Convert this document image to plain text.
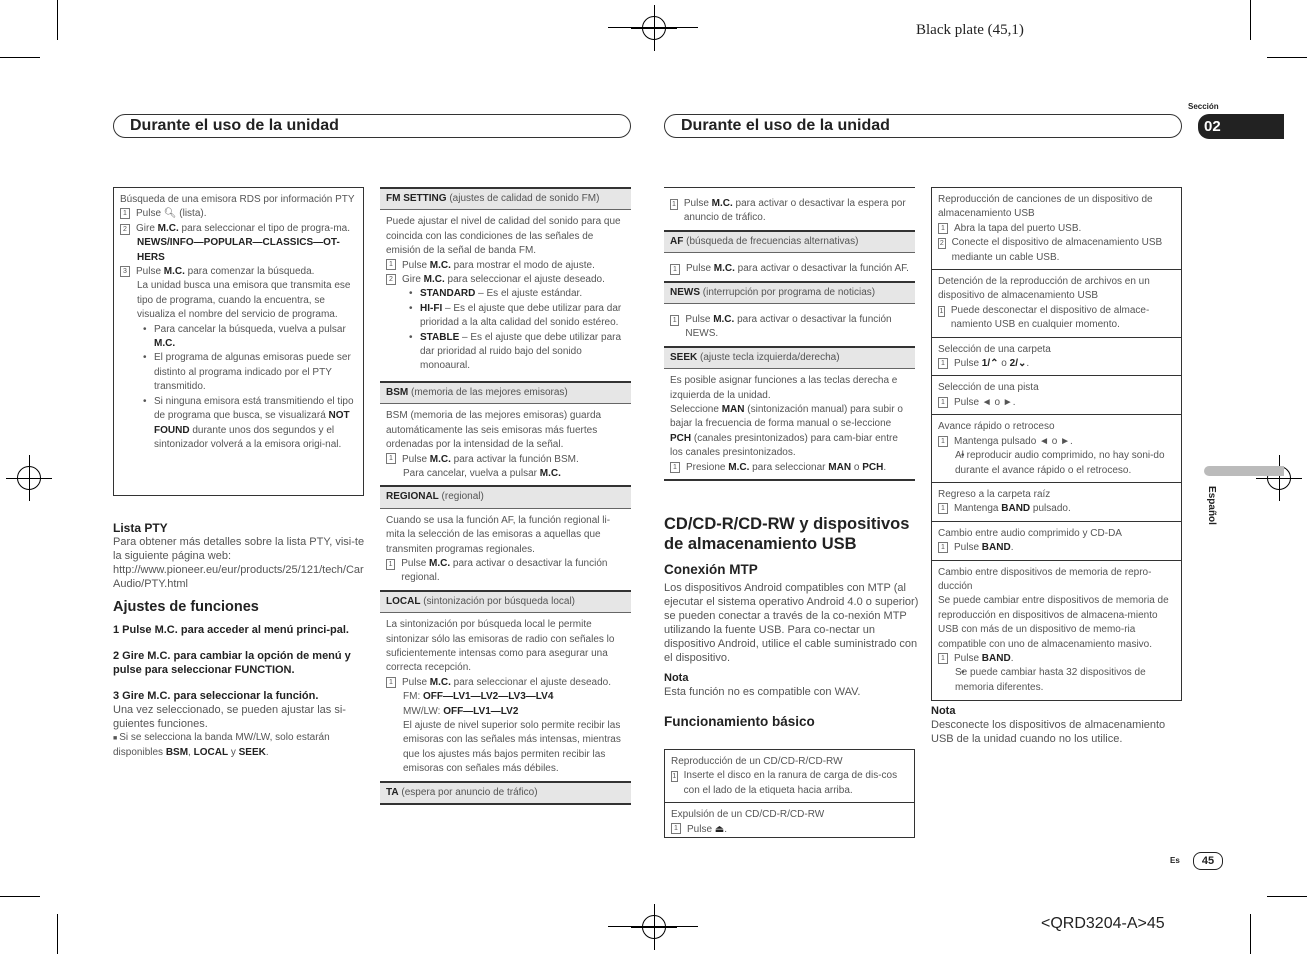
Black plate (45,1)
Durante el uso de la unidad	Durante el uso de la unidad
Sección
02
Español
Búsqueda de una emisora RDS por información PTY
1 Pulse 🔍︎ (lista).
2 Gire M.C. para seleccionar el tipo de progra-ma.
NEWS/INFO—POPULAR—CLASSICS—OT-HERS
3 Pulse M.C. para comenzar la búsqueda.
La unidad busca una emisora que transmita ese tipo de programa, cuando la encuentra, se visualiza el nombre del servicio de programa.
• Para cancelar la búsqueda, vuelva a pulsar M.C.
• El programa de algunas emisoras puede ser distinto al programa indicado por el PTY transmitido.
• Si ninguna emisora está transmitiendo el tipo de programa que busca, se visualizará NOT FOUND durante unos dos segundos y el sintonizador volverá a la emisora origi-nal.
Lista PTY
Para obtener más detalles sobre la lista PTY, visi-te la siguiente página web:
http://www.pioneer.eu/eur/products/25/121/tech/CarAudio/PTY.html
Ajustes de funciones
1 Pulse M.C. para acceder al menú princi-pal.
2 Gire M.C. para cambiar la opción de menú y pulse para seleccionar FUNCTION.
3 Gire M.C. para seleccionar la función.
Una vez seleccionado, se pueden ajustar las si-guientes funciones.
■ Si se selecciona la banda MW/LW, solo estarán disponibles BSM, LOCAL y SEEK.
FM SETTING (ajustes de calidad de sonido FM)
Puede ajustar el nivel de calidad del sonido para que coincida con las condiciones de las señales de emisión de la señal de banda FM.
1 Pulse M.C. para mostrar el modo de ajuste.
2 Gire M.C. para seleccionar el ajuste deseado.
• STANDARD – Es el ajuste estándar.
• HI-FI – Es el ajuste que debe utilizar para dar prioridad a la alta calidad del sonido estéreo.
• STABLE – Es el ajuste que debe utilizar para dar prioridad al ruido bajo del sonido monoaural.
BSM (memoria de las mejores emisoras)
BSM (memoria de las mejores emisoras) guarda automáticamente las seis emisoras más fuertes ordenadas por la intensidad de la señal.
1 Pulse M.C. para activar la función BSM.
Para cancelar, vuelva a pulsar M.C.
REGIONAL (regional)
Cuando se usa la función AF, la función regional li-mita la selección de las emisoras a aquellas que transmiten programas regionales.
1 Pulse M.C. para activar o desactivar la función regional.
LOCAL (sintonización por búsqueda local)
La sintonización por búsqueda local le permite sintonizar sólo las emisoras de radio con señales lo suficientemente intensas como para asegurar una correcta recepción.
1 Pulse M.C. para seleccionar el ajuste deseado.
FM: OFF—LV1—LV2—LV3—LV4
MW/LW: OFF—LV1—LV2
El ajuste de nivel superior solo permite recibir las emisoras con las señales más intensas, mientras que los ajustes más bajos permiten recibir las emisoras con señales más débiles.
TA (espera por anuncio de tráfico)
1 Pulse M.C. para activar o desactivar la espera por anuncio de tráfico.
AF (búsqueda de frecuencias alternativas)
1 Pulse M.C. para activar o desactivar la función AF.
NEWS (interrupción por programa de noticias)
1 Pulse M.C. para activar o desactivar la función NEWS.
SEEK (ajuste tecla izquierda/derecha)
Es posible asignar funciones a las teclas derecha e izquierda de la unidad.
Seleccione MAN (sintonización manual) para subir o bajar la frecuencia de forma manual o se-leccione PCH (canales presintonizados) para cam-biar entre los canales presintonizados.
1 Presione M.C. para seleccionar MAN o PCH.
CD/CD-R/CD-RW y dispositivos de almacenamiento USB
Conexión MTP
Los dispositivos Android compatibles con MTP (al ejecutar el sistema operativo Android 4.0 o superior) se pueden conectar a través de la co-nexión MTP utilizando la fuente USB. Para co-nectar un dispositivo Android, utilice el cable suministrado con el dispositivo.
Nota
Esta función no es compatible con WAV.
Funcionamiento básico
Reproducción de un CD/CD-R/CD-RW
1 Inserte el disco en la ranura de carga de dis-cos con el lado de la etiqueta hacia arriba.
Expulsión de un CD/CD-R/CD-RW
1 Pulse ⏏.
Reproducción de canciones de un dispositivo de almacenamiento USB
1 Abra la tapa del puerto USB.
2 Conecte el dispositivo de almacenamiento USB mediante un cable USB.
Detención de la reproducción de archivos en un dispositivo de almacenamiento USB
1 Puede desconectar el dispositivo de almace-namiento USB en cualquier momento.
Selección de una carpeta
1 Pulse 1/⌃ o 2/⌄.
Selección de una pista
1 Pulse ◄ o ►.
Avance rápido o retroceso
1 Mantenga pulsado ◄ o ►.
• Al reproducir audio comprimido, no hay soni-do durante el avance rápido o el retroceso.
Regreso a la carpeta raíz
1 Mantenga BAND pulsado.
Cambio entre audio comprimido y CD-DA
1 Pulse BAND.
Cambio entre dispositivos de memoria de repro-ducción
Se puede cambiar entre dispositivos de memoria de reproducción en dispositivos de almacena-miento USB con más de un dispositivo de memo-ria compatible con uno de almacenamiento masivo.
1 Pulse BAND.
• Se puede cambiar hasta 32 dispositivos de memoria diferentes.
Nota
Desconecte los dispositivos de almacenamiento USB de la unidad cuando no los utilice.
Es	45
<QRD3204-A>45
